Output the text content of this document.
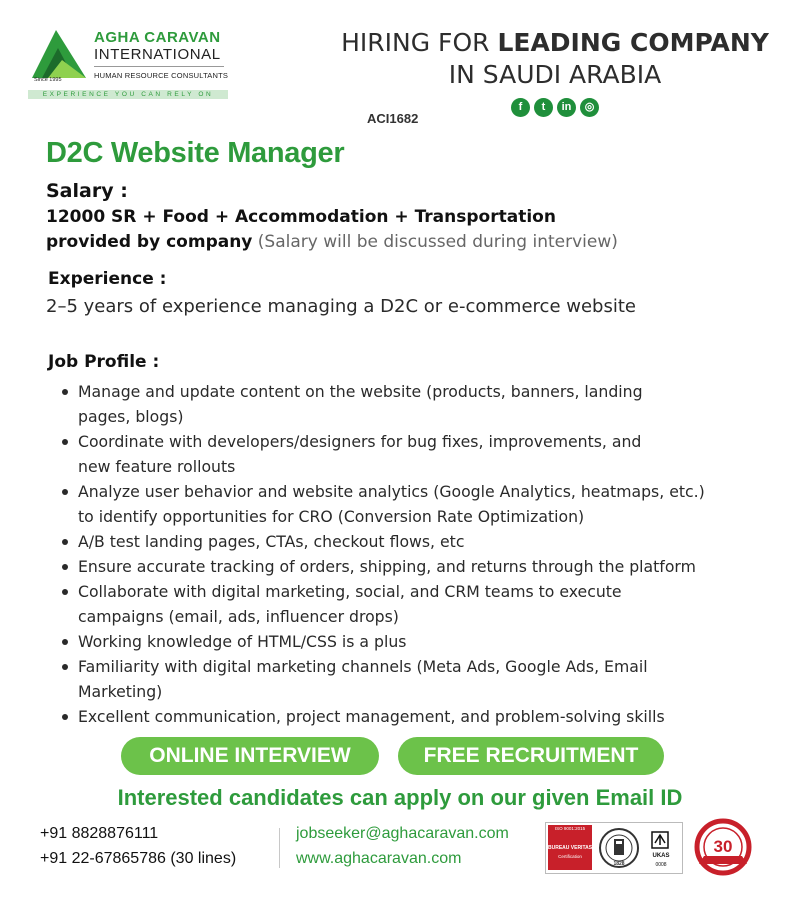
AGHA CARAVAN
INTERNATIONAL
HUMAN RESOURCE CONSULTANTS
Since 1995
EXPERIENCE YOU CAN RELY ON
HIRING FOR LEADING COMPANY
IN SAUDI ARABIA
f	t	in	◎
ACI1682
D2C Website Manager
Salary :
12000 SR + Food + Accommodation + Transportation
provided by company (Salary will be discussed during interview)
Experience :
2–5 years of experience managing a D2C or e-commerce website
Job Profile :
Manage and update content on the website (products, banners, landing
pages, blogs)
Coordinate with developers/designers for bug fixes, improvements, and
new feature rollouts
Analyze user behavior and website analytics (Google Analytics, heatmaps, etc.)
to identify opportunities for CRO (Conversion Rate Optimization)
A/B test landing pages, CTAs, checkout flows, etc
Ensure accurate tracking of orders, shipping, and returns through the platform
Collaborate with digital marketing, social, and CRM teams to execute
campaigns (email, ads, influencer drops)
Working knowledge of HTML/CSS is a plus
Familiarity with digital marketing channels (Meta Ads, Google Ads, Email
Marketing)
Excellent communication, project management, and problem-solving skills
ONLINE INTERVIEW	FREE RECRUITMENT
Interested candidates can apply on our given Email ID
+91 8828876111
+91 22-67865786 (30 lines)
jobseeker@aghacaravan.com
www.aghacaravan.com
ISO 9001:2015
BUREAU VERITAS
Certification
1828
UKAS
0008
30
